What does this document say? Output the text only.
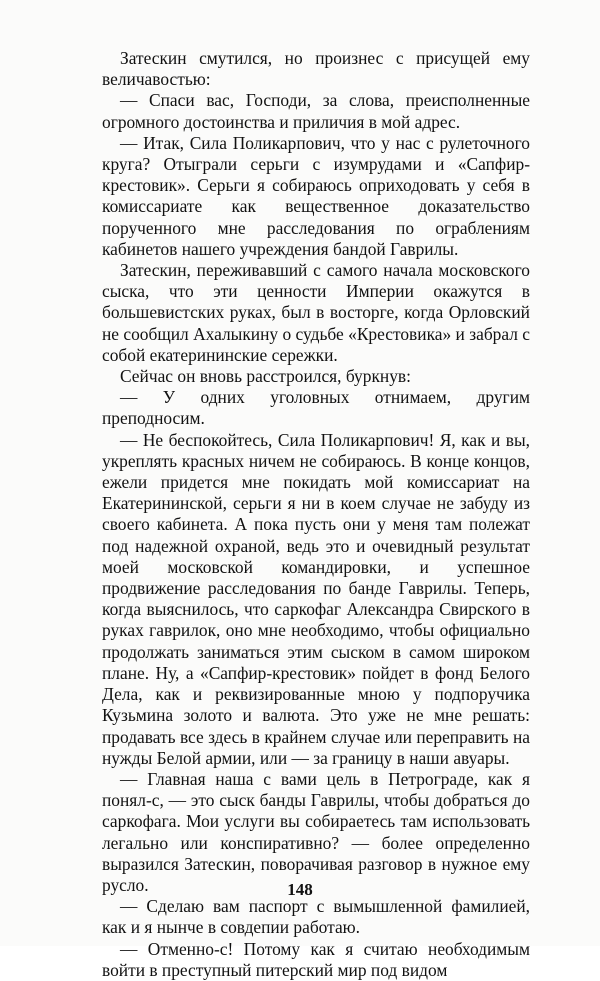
Затескин смутился, но произнес с присущей ему величавостью:

— Спаси вас, Господи, за слова, преисполненные огромного достоинства и приличия в мой адрес.

— Итак, Сила Поликарпович, что у нас с рулеточного круга? Отыграли серьги с изумрудами и «Сапфир-крестовик». Серьги я собираюсь оприходовать у себя в комиссариате как вещественное доказательство порученного мне расследования по ограблениям кабинетов нашего учреждения бандой Гаврилы.

Затескин, переживавший с самого начала московского сыска, что эти ценности Империи окажутся в большевистских руках, был в восторге, когда Орловский не сообщил Ахалыкину о судьбе «Крестовика» и забрал с собой екатерининские сережки.

Сейчас он вновь расстроился, буркнув:

— У одних уголовных отнимаем, другим преподносим.

— Не беспокойтесь, Сила Поликарпович! Я, как и вы, укреплять красных ничем не собираюсь. В конце концов, ежели придется мне покидать мой комиссариат на Екатерининской, серьги я ни в коем случае не забуду из своего кабинета. А пока пусть они у меня там полежат под надежной охраной, ведь это и очевидный результат моей московской командировки, и успешное продвижение расследования по банде Гаврилы. Теперь, когда выяснилось, что саркофаг Александра Свирского в руках гаврилок, оно мне необходимо, чтобы официально продолжать заниматься этим сыском в самом широком плане. Ну, а «Сапфир-крестовик» пойдет в фонд Белого Дела, как и реквизированные мною у подпоручика Кузьмина золото и валюта. Это уже не мне решать: продавать все здесь в крайнем случае или переправить на нужды Белой армии, или — за границу в наши авуары.

— Главная наша с вами цель в Петрограде, как я понял-с, — это сыск банды Гаврилы, чтобы добраться до саркофага. Мои услуги вы собираетесь там использовать легально или конспиративно? — более определенно выразился Затескин, поворачивая разговор в нужное ему русло.

— Сделаю вам паспорт с вымышленной фамилией, как и я нынче в совдепии работаю.

— Отменно-с! Потому как я считаю необходимым войти в преступный питерский мир под видом

148
